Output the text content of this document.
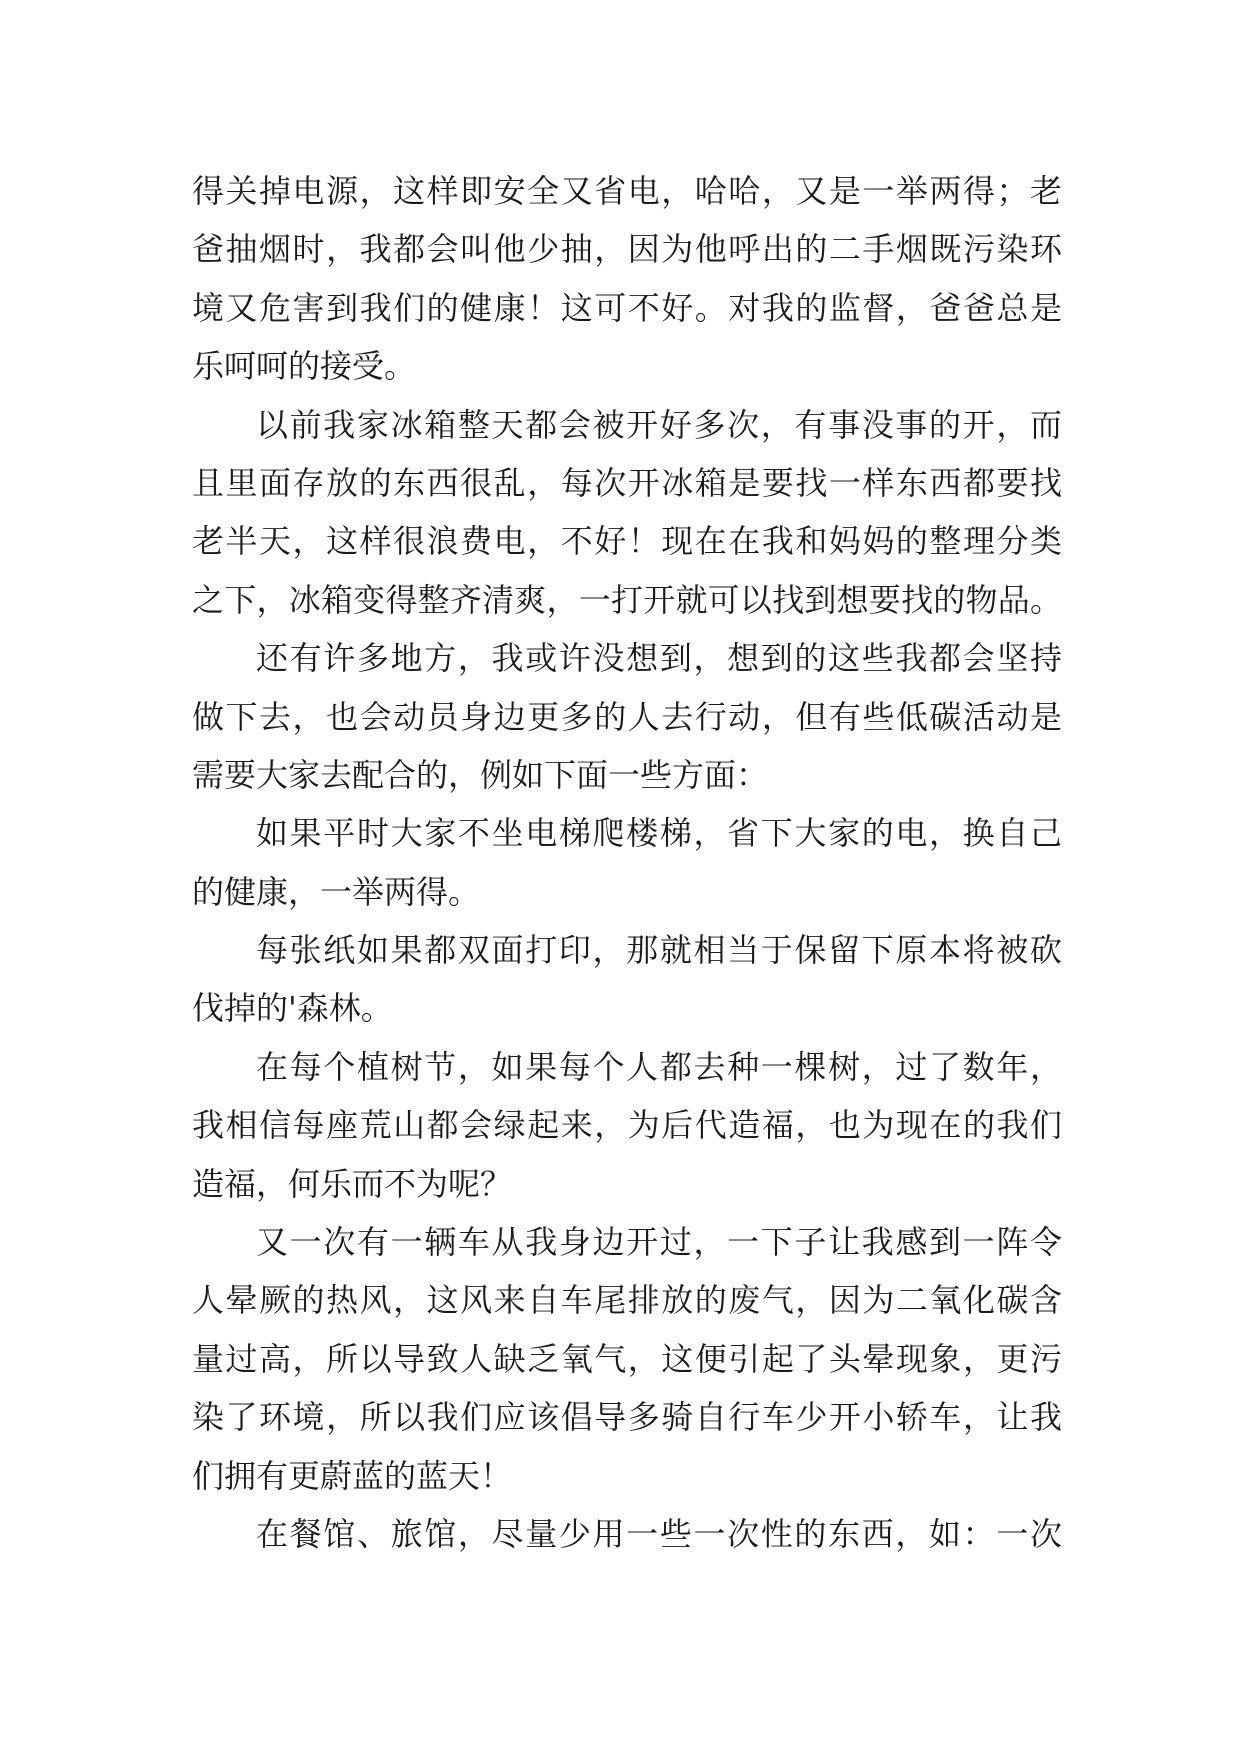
得关掉电源，这样即安全又省电，哈哈，又是一举两得；老
爸抽烟时，我都会叫他少抽，因为他呼出的二手烟既污染环
境又危害到我们的健康！这可不好。对我的监督，爸爸总是
乐呵呵的接受。
以前我家冰箱整天都会被开好多次，有事没事的开，而
且里面存放的东西很乱，每次开冰箱是要找一样东西都要找
老半天，这样很浪费电，不好！现在在我和妈妈的整理分类
之下，冰箱变得整齐清爽，一打开就可以找到想要找的物品。
还有许多地方，我或许没想到，想到的这些我都会坚持
做下去，也会动员身边更多的人去行动，但有些低碳活动是
需要大家去配合的，例如下面一些方面：
如果平时大家不坐电梯爬楼梯，省下大家的电，换自己
的健康，一举两得。
每张纸如果都双面打印，那就相当于保留下原本将被砍
伐掉的'森林。
在每个植树节，如果每个人都去种一棵树，过了数年，
我相信每座荒山都会绿起来，为后代造福，也为现在的我们
造福，何乐而不为呢？
又一次有一辆车从我身边开过，一下子让我感到一阵令
人晕厥的热风，这风来自车尾排放的废气，因为二氧化碳含
量过高，所以导致人缺乏氧气，这便引起了头晕现象，更污
染了环境，所以我们应该倡导多骑自行车少开小轿车，让我
们拥有更蔚蓝的蓝天！
在餐馆、旅馆，尽量少用一些一次性的东西，如：一次
